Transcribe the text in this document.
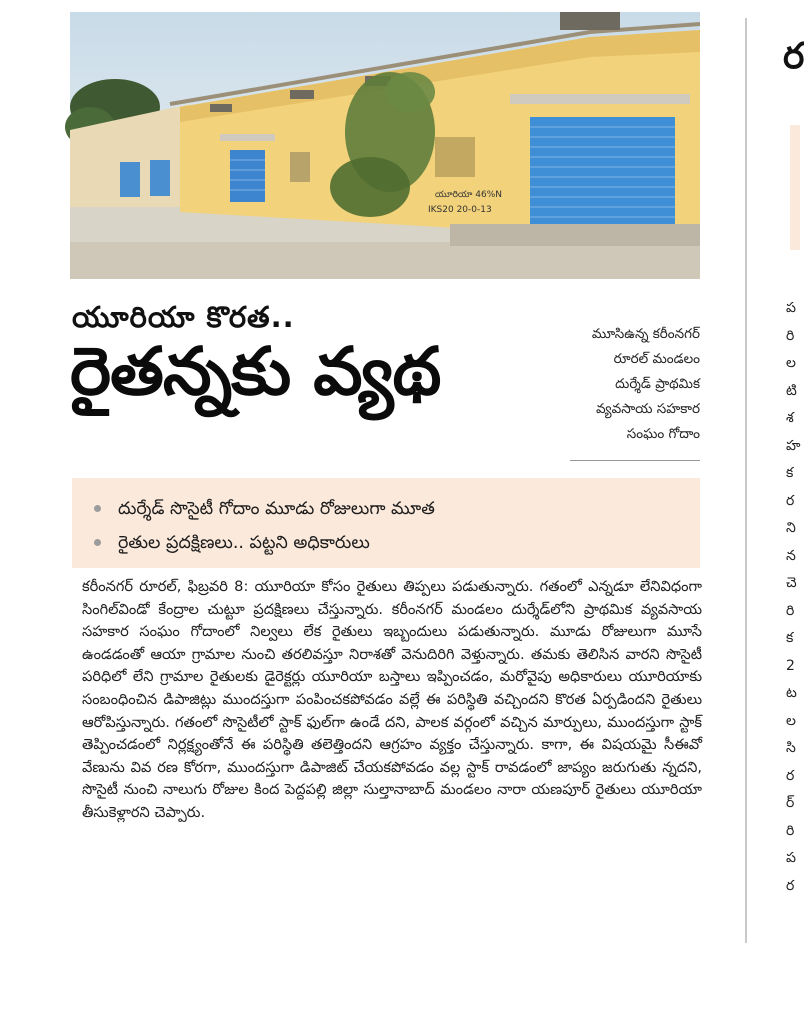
యూరియా 46%N
IKS20 20-0-13
యూరియా కొరత..
రైతన్నకు వ్యథ	మూసిఉన్న కరీంనగర్
రూరల్ మండలం
దుర్శేడ్ ప్రాథమిక
వ్యవసాయ సహకార
సంఘం గోదాం
దుర్శేడ్ సొసైటీ గోదాం మూడు రోజులుగా మూత
రైతుల ప్రదక్షిణలు.. పట్టని అధికారులు
కరీంనగర్ రూరల్, ఫిబ్రవరి 8: యూరియా కోసం రైతులు తిప్పలు పడుతున్నారు. గతంలో ఎన్నడూ లేనివిధంగా సింగిల్‌విండో కేంద్రాల చుట్టూ ప్రదక్షిణలు చేస్తున్నారు. కరీంనగర్ మండలం దుర్శేడ్‌లోని ప్రాథమిక వ్యవసాయ సహకార సంఘం గోదాంలో నిల్వలు లేక రైతులు ఇబ్బందులు పడుతున్నారు. మూడు రోజులుగా మూసే ఉండడంతో ఆయా గ్రామాల నుంచి తరలివస్తూ నిరాశతో వెనుదిరిగి వెళ్తున్నారు. తమకు తెలిసిన వారని సొసైటీ పరిధిలో లేని గ్రామాల రైతులకు డైరెక్టర్లు యూరియా బస్తాలు ఇప్పించడం, మరోవైపు అధికారులు యూరియాకు సంబంధించిన డిపాజిట్లు ముందస్తుగా పంపించకపోవడం వల్లే ఈ పరిస్థితి వచ్చిందని కొరత ఏర్పడిందని రైతులు ఆరోపిస్తున్నారు. గతంలో సొసైటీలో స్టాక్ ఫుల్‌గా ఉండే దని, పాలక వర్గంలో వచ్చిన మార్పులు, ముందస్తుగా స్టాక్ తెప్పించడంలో నిర్లక్ష్యంతోనే ఈ పరిస్థితి తలెత్తిందని ఆగ్రహం వ్యక్తం చేస్తున్నారు. కాగా, ఈ విషయమై సీఈవో వేణును వివ రణ కోరగా, ముందస్తుగా డిపాజిట్ చేయకపోవడం వల్ల స్టాక్ రావడంలో జాప్యం జరుగుతు న్నదని, సొసైటీ నుంచి నాలుగు రోజుల కింద పెద్దపల్లి జిల్లా సుల్తానాబాద్ మండలం నారా యణపూర్ రైతులు యూరియా తీసుకెళ్లారని చెప్పారు.
ర
ప
రి
ల
టి
శ
హ
క
ర
ని
న
చె
రి
క
2
ట
ల
సి
ర
ర్
రి
ప
ర
